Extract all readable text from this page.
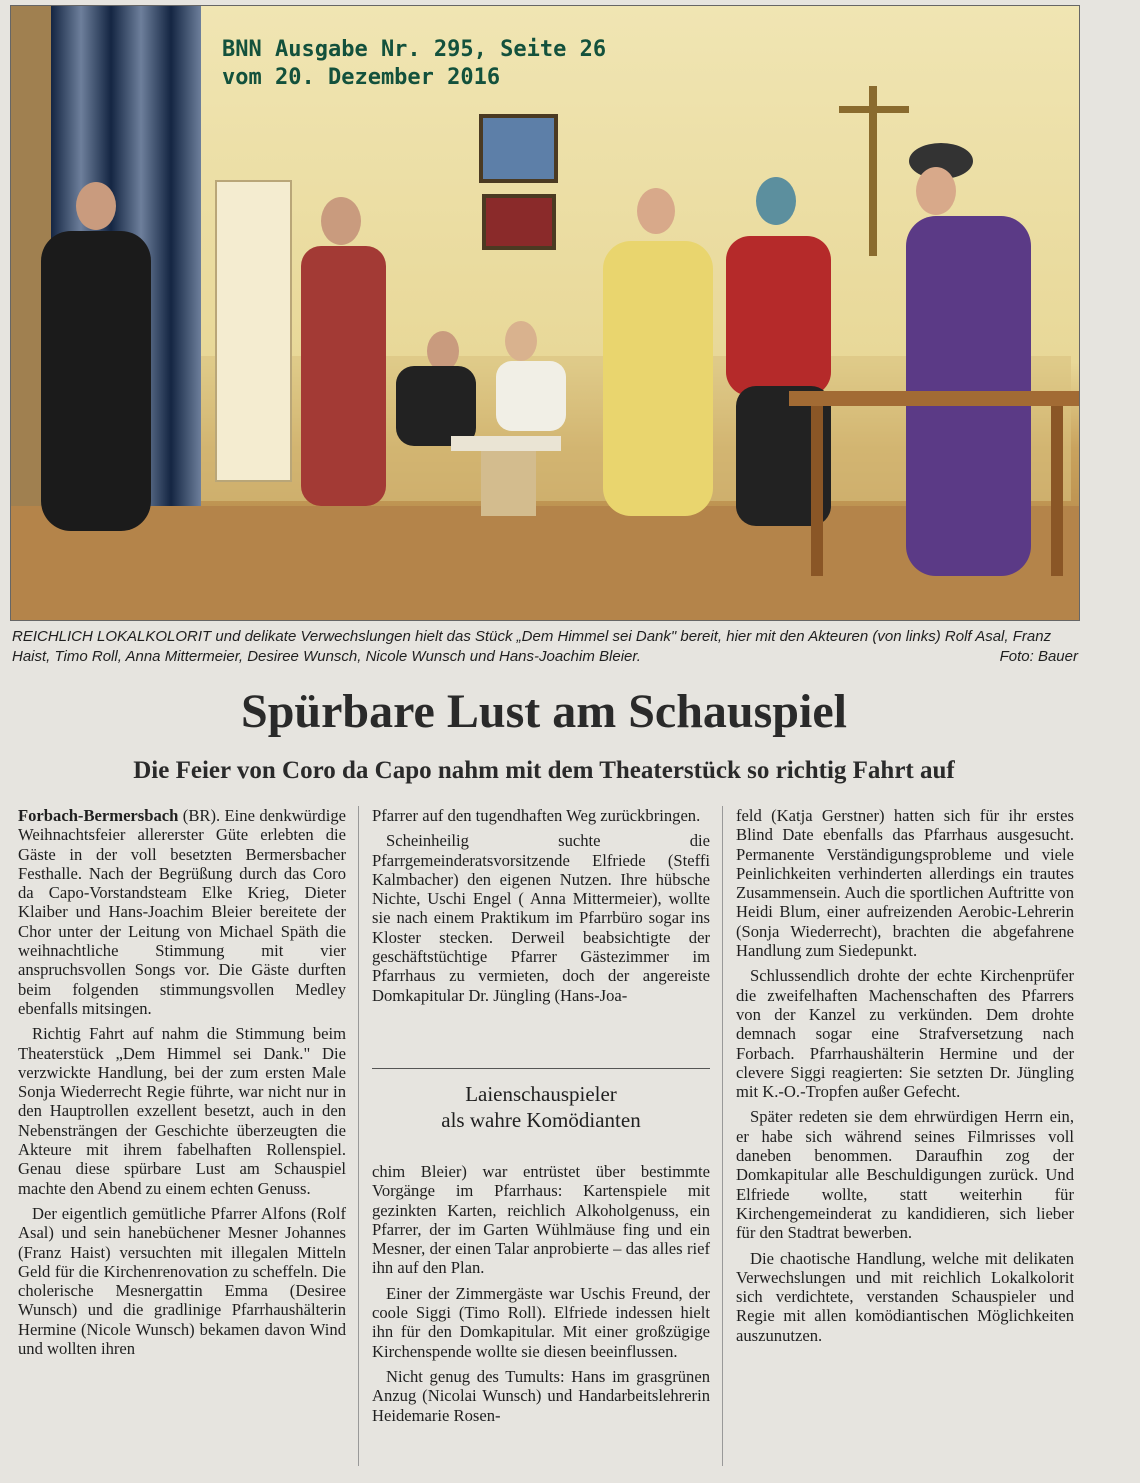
BNN Ausgabe Nr. 295, Seite 26
vom 20. Dezember 2016
REICHLICH LOKALKOLORIT und delikate Verwechslungen hielt das Stück „Dem Himmel sei Dank" bereit, hier mit den Akteuren (von links) Rolf Asal, Franz Haist, Timo Roll, Anna Mittermeier, Desiree Wunsch, Nicole Wunsch und Hans-Joachim Bleier.	Foto: Bauer
Spürbare Lust am Schauspiel
Die Feier von Coro da Capo nahm mit dem Theaterstück so richtig Fahrt auf

Forbach-Bermersbach (BR). Eine denkwürdige Weihnachtsfeier allererster Güte erlebten die Gäste in der voll besetzten Bermersbacher Festhalle. Nach der Begrüßung durch das Coro da Capo-Vorstandsteam Elke Krieg, Dieter Klaiber und Hans-Joachim Bleier bereitete der Chor unter der Leitung von Michael Späth die weihnachtliche Stimmung mit vier anspruchsvollen Songs vor. Die Gäste durften beim folgenden stimmungsvollen Medley ebenfalls mitsingen.

Richtig Fahrt auf nahm die Stimmung beim Theaterstück „Dem Himmel sei Dank." Die verzwickte Handlung, bei der zum ersten Male Sonja Wiederrecht Regie führte, war nicht nur in den Hauptrollen exzellent besetzt, auch in den Nebensträngen der Geschichte überzeugten die Akteure mit ihrem fabelhaften Rollenspiel. Genau diese spürbare Lust am Schauspiel machte den Abend zu einem echten Genuss.

Der eigentlich gemütliche Pfarrer Alfons (Rolf Asal) und sein hanebüchener Mesner Johannes (Franz Haist) versuchten mit illegalen Mitteln Geld für die Kirchenrenovation zu scheffeln. Die cholerische Mesnergattin Emma (Desiree Wunsch) und die gradlinige Pfarrhaushälterin Hermine (Nicole Wunsch) bekamen davon Wind und wollten ihren

Pfarrer auf den tugendhaften Weg zurückbringen.

Scheinheilig suchte die Pfarrgemeinderatsvorsitzende Elfriede (Steffi Kalmbacher) den eigenen Nutzen. Ihre hübsche Nichte, Uschi Engel ( Anna Mittermeier), wollte sie nach einem Praktikum im Pfarrbüro sogar ins Kloster stecken. Derweil beabsichtigte der geschäftstüchtige Pfarrer Gästezimmer im Pfarrhaus zu vermieten, doch der angereiste Domkapitular Dr. Jüngling (Hans-Joa-

Laienschauspieler
als wahre Komödianten

chim Bleier) war entrüstet über bestimmte Vorgänge im Pfarrhaus: Kartenspiele mit gezinkten Karten, reichlich Alkoholgenuss, ein Pfarrer, der im Garten Wühlmäuse fing und ein Mesner, der einen Talar anprobierte – das alles rief ihn auf den Plan.

Einer der Zimmergäste war Uschis Freund, der coole Siggi (Timo Roll). Elfriede indessen hielt ihn für den Domkapitular. Mit einer großzügige Kirchenspende wollte sie diesen beeinflussen.

Nicht genug des Tumults: Hans im grasgrünen Anzug (Nicolai Wunsch) und Handarbeitslehrerin Heidemarie Rosen-

feld (Katja Gerstner) hatten sich für ihr erstes Blind Date ebenfalls das Pfarrhaus ausgesucht. Permanente Verständigungsprobleme und viele Peinlichkeiten verhinderten allerdings ein trautes Zusammensein. Auch die sportlichen Auftritte von Heidi Blum, einer aufreizenden Aerobic-Lehrerin (Sonja Wiederrecht), brachten die abgefahrene Handlung zum Siedepunkt.

Schlussendlich drohte der echte Kirchenprüfer die zweifelhaften Machenschaften des Pfarrers von der Kanzel zu verkünden. Dem drohte demnach sogar eine Strafversetzung nach Forbach. Pfarrhaushälterin Hermine und der clevere Siggi reagierten: Sie setzten Dr. Jüngling mit K.-O.-Tropfen außer Gefecht.

Später redeten sie dem ehrwürdigen Herrn ein, er habe sich während seines Filmrisses voll daneben benommen. Daraufhin zog der Domkapitular alle Beschuldigungen zurück. Und Elfriede wollte, statt weiterhin für Kirchengemeinderat zu kandidieren, sich lieber für den Stadtrat bewerben.

Die chaotische Handlung, welche mit delikaten Verwechslungen und mit reichlich Lokalkolorit sich verdichtete, verstanden Schauspieler und Regie mit allen komödiantischen Möglichkeiten auszunutzen.
